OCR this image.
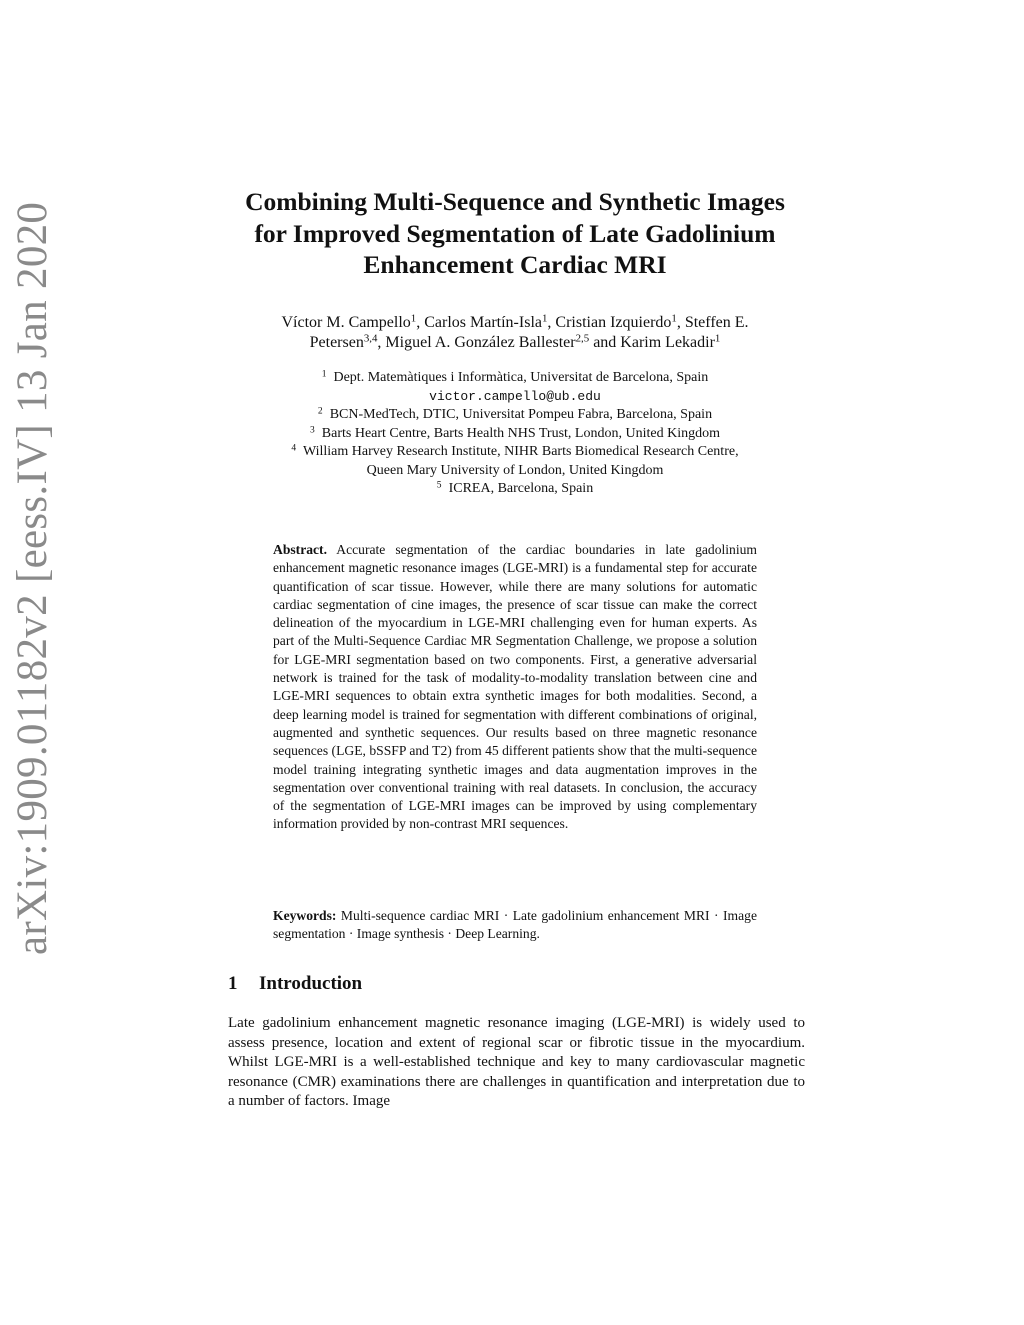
arXiv:1909.01182v2 [eess.IV] 13 Jan 2020
Combining Multi-Sequence and Synthetic Images
for Improved Segmentation of Late Gadolinium
Enhancement Cardiac MRI
Víctor M. Campello$^1$, Carlos Martín-Isla$^1$, Cristian Izquierdo$^1$, Steffen E.
Petersen$^{3,4}$, Miguel A. González Ballester$^{2,5}$ and Karim Lekadir$^1$
$^1$ Dept. Matemàtiques i Informàtica, Universitat de Barcelona, Spain
victor.campello@ub.edu
$^2$ BCN-MedTech, DTIC, Universitat Pompeu Fabra, Barcelona, Spain
$^3$ Barts Heart Centre, Barts Health NHS Trust, London, United Kingdom
$^4$ William Harvey Research Institute, NIHR Barts Biomedical Research Centre,
Queen Mary University of London, United Kingdom
$^5$ ICREA, Barcelona, Spain

Abstract. Accurate segmentation of the cardiac boundaries in late gadolinium enhancement magnetic resonance images (LGE-MRI) is a fundamental step for accurate quantification of scar tissue. However, while there are many solutions for automatic cardiac segmentation of cine images, the presence of scar tissue can make the correct delineation of the myocardium in LGE-MRI challenging even for human experts. As part of the Multi-Sequence Cardiac MR Segmentation Challenge, we propose a solution for LGE-MRI segmentation based on two components. First, a generative adversarial network is trained for the task of modality-to-modality translation between cine and LGE-MRI sequences to obtain extra synthetic images for both modalities. Second, a deep learning model is trained for segmentation with different combinations of original, augmented and synthetic sequences. Our results based on three magnetic resonance sequences (LGE, bSSFP and T2) from 45 different patients show that the multi-sequence model training integrating synthetic images and data augmentation improves in the segmentation over conventional training with real datasets. In conclusion, the accuracy of the segmentation of LGE-MRI images can be improved by using complementary information provided by non-contrast MRI sequences.

Keywords: Multi-sequence cardiac MRI · Late gadolinium enhancement MRI · Image segmentation · Image synthesis · Deep Learning.

1 Introduction

Late gadolinium enhancement magnetic resonance imaging (LGE-MRI) is widely used to assess presence, location and extent of regional scar or fibrotic tissue in the myocardium. Whilst LGE-MRI is a well-established technique and key to many cardiovascular magnetic resonance (CMR) examinations there are challenges in quantification and interpretation due to a number of factors. Image
